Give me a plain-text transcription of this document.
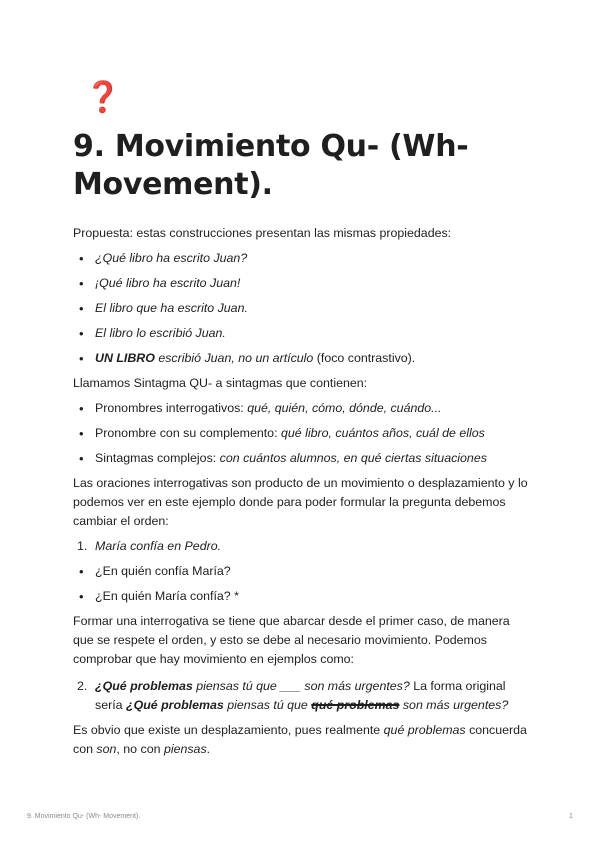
❓
9. Movimiento Qu- (Wh-Movement).

Propuesta: estas construcciones presentan las mismas propiedades:

• ¿Qué libro ha escrito Juan?
• ¡Qué libro ha escrito Juan!
• El libro que ha escrito Juan.
• El libro lo escribió Juan.
• UN LIBRO escribió Juan, no un artículo (foco contrastivo).

Llamamos Sintagma QU- a sintagmas que contienen:

• Pronombres interrogativos: qué, quién, cómo, dónde, cuándo...
• Pronombre con su complemento: qué libro, cuántos años, cuál de ellos
• Sintagmas complejos: con cuántos alumnos, en qué ciertas situaciones

Las oraciones interrogativas son producto de un movimiento o desplazamiento y lo podemos ver en este ejemplo donde para poder formular la pregunta debemos cambiar el orden:

1. María confía en Pedro.
• ¿En quién confía María?
• ¿En quién María confía? *

Formar una interrogativa se tiene que abarcar desde el primer caso, de manera que se respete el orden, y esto se debe al necesario movimiento. Podemos comprobar que hay movimiento en ejemplos como:

2. ¿Qué problemas piensas tú que ___ son más urgentes? La forma original sería ¿Qué problemas piensas tú que qué problemas son más urgentes?

Es obvio que existe un desplazamiento, pues realmente qué problemas concuerda con son, no con piensas.

9. Movimiento Qu- (Wh- Movement).	1
